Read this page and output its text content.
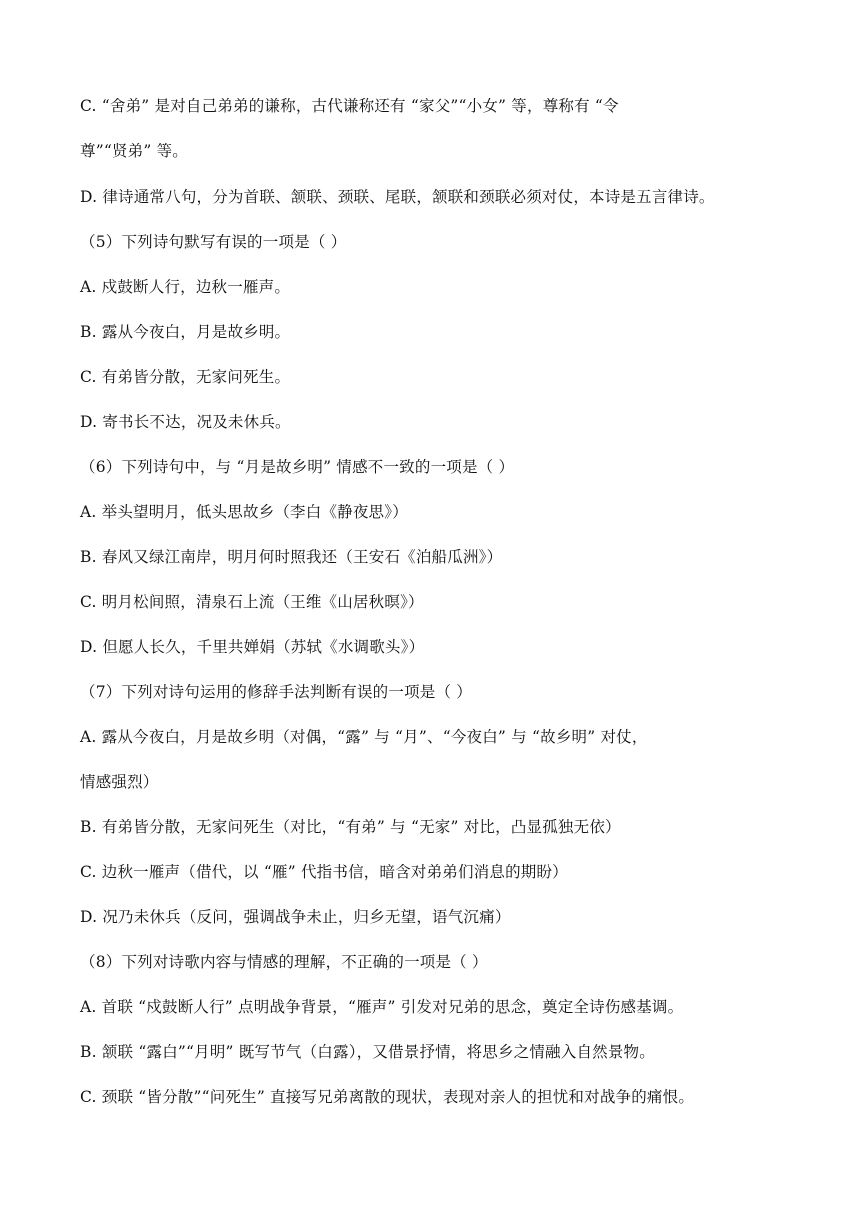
C. “舍弟” 是对自己弟弟的谦称，古代谦称还有 “家父”“小女” 等，尊称有 “令
尊”“贤弟” 等。
D. 律诗通常八句，分为首联、颔联、颈联、尾联，颔联和颈联必须对仗，本诗是五言律诗。
（5）下列诗句默写有误的一项是（ ）
A. 戍鼓断人行，边秋一雁声。
B. 露从今夜白，月是故乡明。
C. 有弟皆分散，无家问死生。
D. 寄书长不达，况及未休兵。
（6）下列诗句中，与 “月是故乡明” 情感不一致的一项是（ ）
A. 举头望明月，低头思故乡（李白《静夜思》）
B. 春风又绿江南岸，明月何时照我还（王安石《泊船瓜洲》）
C. 明月松间照，清泉石上流（王维《山居秋暝》）
D. 但愿人长久，千里共婵娟（苏轼《水调歌头》）
（7）下列对诗句运用的修辞手法判断有误的一项是（ ）
A. 露从今夜白，月是故乡明（对偶，“露” 与 “月”、“今夜白” 与 “故乡明” 对仗，
情感强烈）
B. 有弟皆分散，无家问死生（对比，“有弟” 与 “无家” 对比，凸显孤独无依）
C. 边秋一雁声（借代，以 “雁” 代指书信，暗含对弟弟们消息的期盼）
D. 况乃未休兵（反问，强调战争未止，归乡无望，语气沉痛）
（8）下列对诗歌内容与情感的理解，不正确的一项是（ ）
A. 首联 “戍鼓断人行” 点明战争背景，“雁声” 引发对兄弟的思念，奠定全诗伤感基调。
B. 颔联 “露白”“月明” 既写节气（白露），又借景抒情，将思乡之情融入自然景物。
C. 颈联 “皆分散”“问死生” 直接写兄弟离散的现状，表现对亲人的担忧和对战争的痛恨。
